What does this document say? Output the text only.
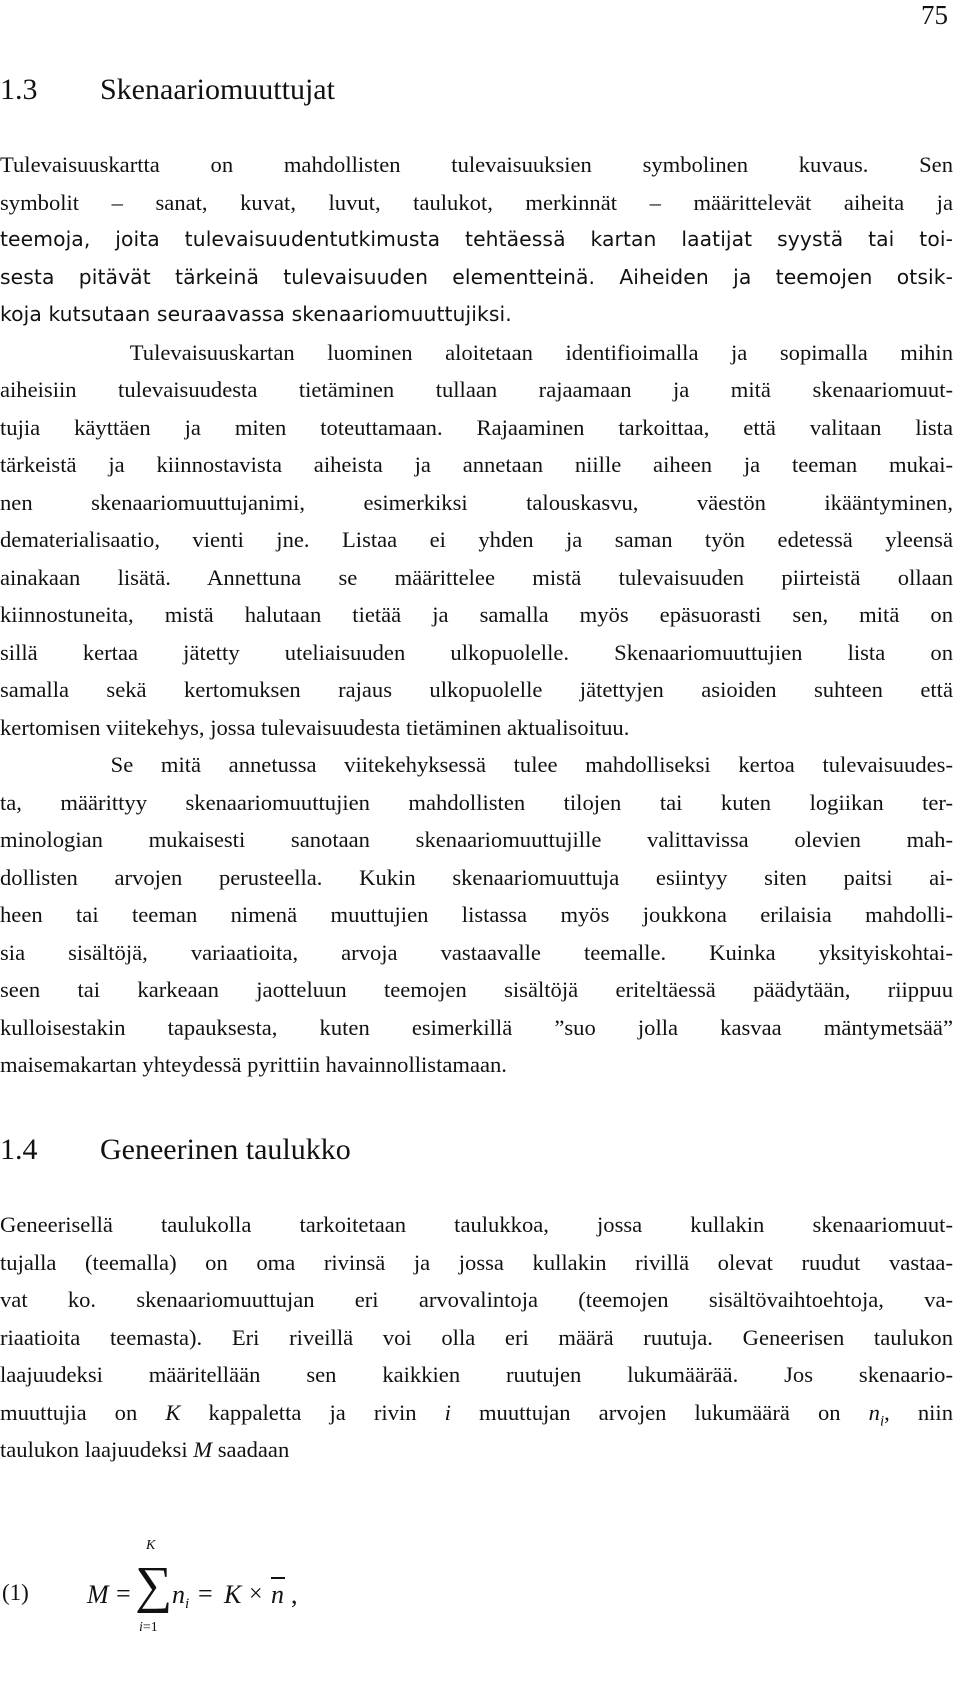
75
1.3 Skenaariomuuttujat
Tulevaisuuskartta on mahdollisten tulevaisuuksien symbolinen kuvaus. Sen
symbolit – sanat, kuvat, luvut, taulukot, merkinnät – määrittelevät aiheita ja
teemoja, joita tulevaisuudentutkimusta tehtäessä kartan laatijat syystä tai toi-
sesta pitävät tärkeinä tulevaisuuden elementteinä. Aiheiden ja teemojen otsik-
koja kutsutaan seuraavassa skenaariomuuttujiksi.
Tulevaisuuskartan luominen aloitetaan identifioimalla ja sopimalla mihin
aiheisiin tulevaisuudesta tietäminen tullaan rajaamaan ja mitä skenaariomuut-
tujia käyttäen ja miten toteuttamaan. Rajaaminen tarkoittaa, että valitaan lista
tärkeistä ja kiinnostavista aiheista ja annetaan niille aiheen ja teeman mukai-
nen skenaariomuuttujanimi, esimerkiksi talouskasvu, väestön ikääntyminen,
dematerialisaatio, vienti jne. Listaa ei yhden ja saman työn edetessä yleensä
ainakaan lisätä. Annettuna se määrittelee mistä tulevaisuuden piirteistä ollaan
kiinnostuneita, mistä halutaan tietää ja samalla myös epäsuorasti sen, mitä on
sillä kertaa jätetty uteliaisuuden ulkopuolelle. Skenaariomuuttujien lista on
samalla sekä kertomuksen rajaus ulkopuolelle jätettyjen asioiden suhteen että
kertomisen viitekehys, jossa tulevaisuudesta tietäminen aktualisoituu.
Se mitä annetussa viitekehyksessä tulee mahdolliseksi kertoa tulevaisuudes-
ta, määrittyy skenaariomuuttujien mahdollisten tilojen tai kuten logiikan ter-
minologian mukaisesti sanotaan skenaariomuuttujille valittavissa olevien mah-
dollisten arvojen perusteella. Kukin skenaariomuuttuja esiintyy siten paitsi ai-
heen tai teeman nimenä muuttujien listassa myös joukkona erilaisia mahdolli-
sia sisältöjä, variaatioita, arvoja vastaavalle teemalle. Kuinka yksityiskohtai-
seen tai karkeaan jaotteluun teemojen sisältöjä eriteltäessä päädytään, riippuu
kulloisestakin tapauksesta, kuten esimerkillä ”suo jolla kasvaa mäntymetsää”
maisemakartan yhteydessä pyrittiin havainnollistamaan.
1.4 Geneerinen taulukko
Geneerisellä taulukolla tarkoitetaan taulukkoa, jossa kullakin skenaariomuut-
tujalla (teemalla) on oma rivinsä ja jossa kullakin rivillä olevat ruudut vastaa-
vat ko. skenaariomuuttujan eri arvovalintoja (teemojen sisältövaihtoehtoja, va-
riaatioita teemasta). Eri riveillä voi olla eri määrä ruutuja. Geneerisen taulukon
laajuudeksi määritellään sen kaikkien ruutujen lukumäärää. Jos skenaario-
muuttujia on K kappaletta ja rivin i muuttujan arvojen lukumäärä on $n_i$, niin
taulukon laajuudeksi M saadaan
(1) M =
K
∑
i=1
n i = K × n ,
